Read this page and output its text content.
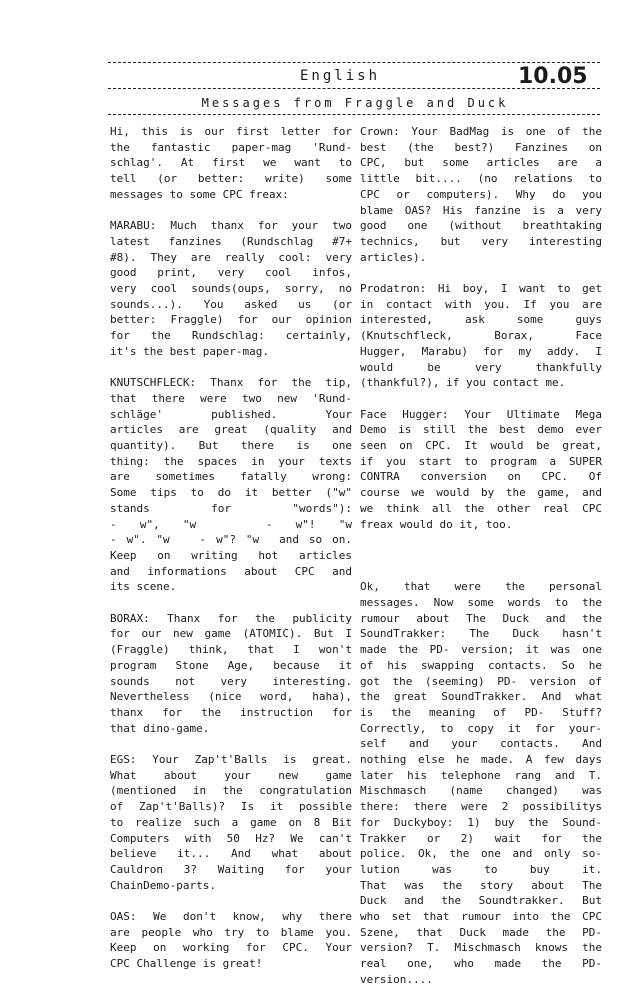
English	10.05
Messages from Fraggle and Duck
Hi, this is our first letter for
the fantastic paper-mag 'Rund-
schlag'. At first we want to
tell (or better: write) some
messages to some CPC freax:
MARABU: Much thanx for your two
latest fanzines (Rundschlag #7+
#8). They are really cool: very
good print, very cool infos,
very cool sounds(oups, sorry, no
sounds...). You asked us (or
better: Fraggle) for our opinion
for the Rundschlag: certainly,
it's the best paper-mag.
KNUTSCHFLECK: Thanx for the tip,
that there were two new 'Rund-
schläge' published. Your
articles are great (quality and
quantity). But there is one
thing: the spaces in your texts
are sometimes fatally wrong:
Some tips to do it better ("w"
stands for "words"):
- w", "w   - w"! "w
- w". "w   - w"? "w  and so on.
Keep on writing hot articles
and informations about CPC and
its scene.
BORAX: Thanx for the publicity
for our new game (ATOMIC). But I
(Fraggle) think, that I won't
program Stone Age, because it
sounds not very interesting.
Nevertheless (nice word, haha),
thanx for the instruction for
that dino-game.
EGS: Your Zap't'Balls is great.
What about your new game
(mentioned in the congratulation
of Zap't'Balls)? Is it possible
to realize such a game on 8 Bit
Computers with 50 Hz? We can't
believe it... And what about
Cauldron 3? Waiting for your
ChainDemo-parts.
OAS: We don't know, why there
are people who try to blame you.
Keep on working for CPC. Your
CPC Challenge is great!
Crown: Your BadMag is one of the
best (the best?) Fanzines on
CPC, but some articles are a
little bit.... (no relations to
CPC or computers). Why do you
blame OAS? His fanzine is a very
good one (without breathtaking
technics, but very interesting
articles).
Prodatron: Hi boy, I want to get
in contact with you. If you are
interested, ask some guys
(Knutschfleck, Borax, Face
Hugger, Marabu) for my addy. I
would be very thankfully
(thankful?), if you contact me.
Face Hugger: Your Ultimate Mega
Demo is still the best demo ever
seen on CPC. It would be great,
if you start to program a SUPER
CONTRA conversion on CPC. Of
course we would by the game, and
we think all the other real CPC
freax would do it, too.
Ok, that were the personal
messages. Now some words to the
rumour about The Duck and the
SoundTrakker: The Duck hasn't
made the PD- version; it was one
of his swapping contacts. So he
got the (seeming) PD- version of
the great SoundTrakker. And what
is the meaning of PD- Stuff?
Correctly, to copy it for your-
self and your contacts. And
nothing else he made. A few days
later his telephone rang and T.
Mischmasch (name changed) was
there: there were 2 possibilitys
for Duckyboy: 1) buy the Sound-
Trakker or 2) wait for the
police. Ok, the one and only so-
lution was to buy it.
That was the story about The
Duck and the Soundtrakker. But
who set that rumour into the CPC
Szene, that Duck made the PD-
version? T. Mischmasch knows the
real one, who made the PD-
version....
